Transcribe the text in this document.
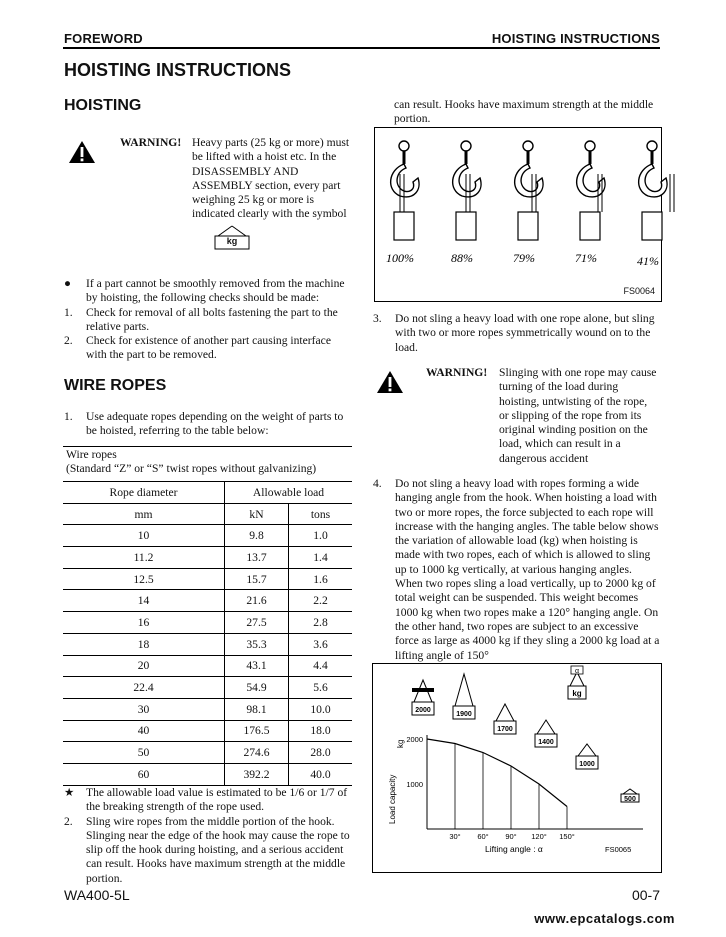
FOREWORD	HOISTING INSTRUCTIONS
HOISTING INSTRUCTIONS
HOISTING
WARNING! Heavy parts (25 kg or more) must be lifted with a hoist etc. In the DISASSEMBLY AND ASSEMBLY section, every part weighing 25 kg or more is indicated clearly with the symbol
kg
● If a part cannot be smoothly removed from the machine by hoisting, the following checks should be made:
1. Check for removal of all bolts fastening the part to the relative parts.
2. Check for existence of another part causing interface with the part to be removed.
WIRE ROPES
1. Use adequate ropes depending on the weight of parts to be hoisted, referring to the table below:
Wire ropes
(Standard “Z” or “S” twist ropes without galvanizing)
Rope diameter	Allowable load	
mm	kN	tons
10	9.8	1.0
11.2	13.7	1.4
12.5	15.7	1.6
14	21.6	2.2
16	27.5	2.8
18	35.3	3.6
20	43.1	4.4
22.4	54.9	5.6
30	98.1	10.0
40	176.5	18.0
50	274.6	28.0
60	392.2	40.0
★ The allowable load value is estimated to be 1/6 or 1/7 of the breaking strength of the rope used.
2. Sling wire ropes from the middle portion of the hook. Slinging near the edge of the hook may cause the rope to slip off the hook during hoisting, and a serious accident can result. Hooks have maximum strength at the middle portion.
can result. Hooks have maximum strength at the middle portion.
100%	88%	79%	71%	41%
FS0064
3. Do not sling a heavy load with one rope alone, but sling with two or more ropes symmetrically wound on to the load.
WARNING! Slinging with one rope may cause turning of the load during hoisting, untwisting of the rope, or slipping of the rope from its original winding position on the load, which can result in a dangerous accident
4. Do not sling a heavy load with ropes forming a wide hanging angle from the hook. When hoisting a load with two or more ropes, the force subjected to each rope will increase with the hanging angles. The table below shows the variation of allowable load (kg) when hoisting is made with two ropes, each of which is allowed to sling up to 1000 kg vertically, at various hanging angles. When two ropes sling a load vertically, up to 2000 kg of total weight can be suspended. This weight becomes 1000 kg when two ropes make a 120° hanging angle. On the other hand, two ropes are subject to an excessive force as large as 4000 kg if they sling a 2000 kg load at a lifting angle of 150°
2000
1000
Load capacity
kg
30° 60° 90° 120° 150°
Lifting angle : α	FS0065
2000
1900
1700
1400
1000
500
α
kg
WA400-5L	00-7
www.epcatalogs.com
